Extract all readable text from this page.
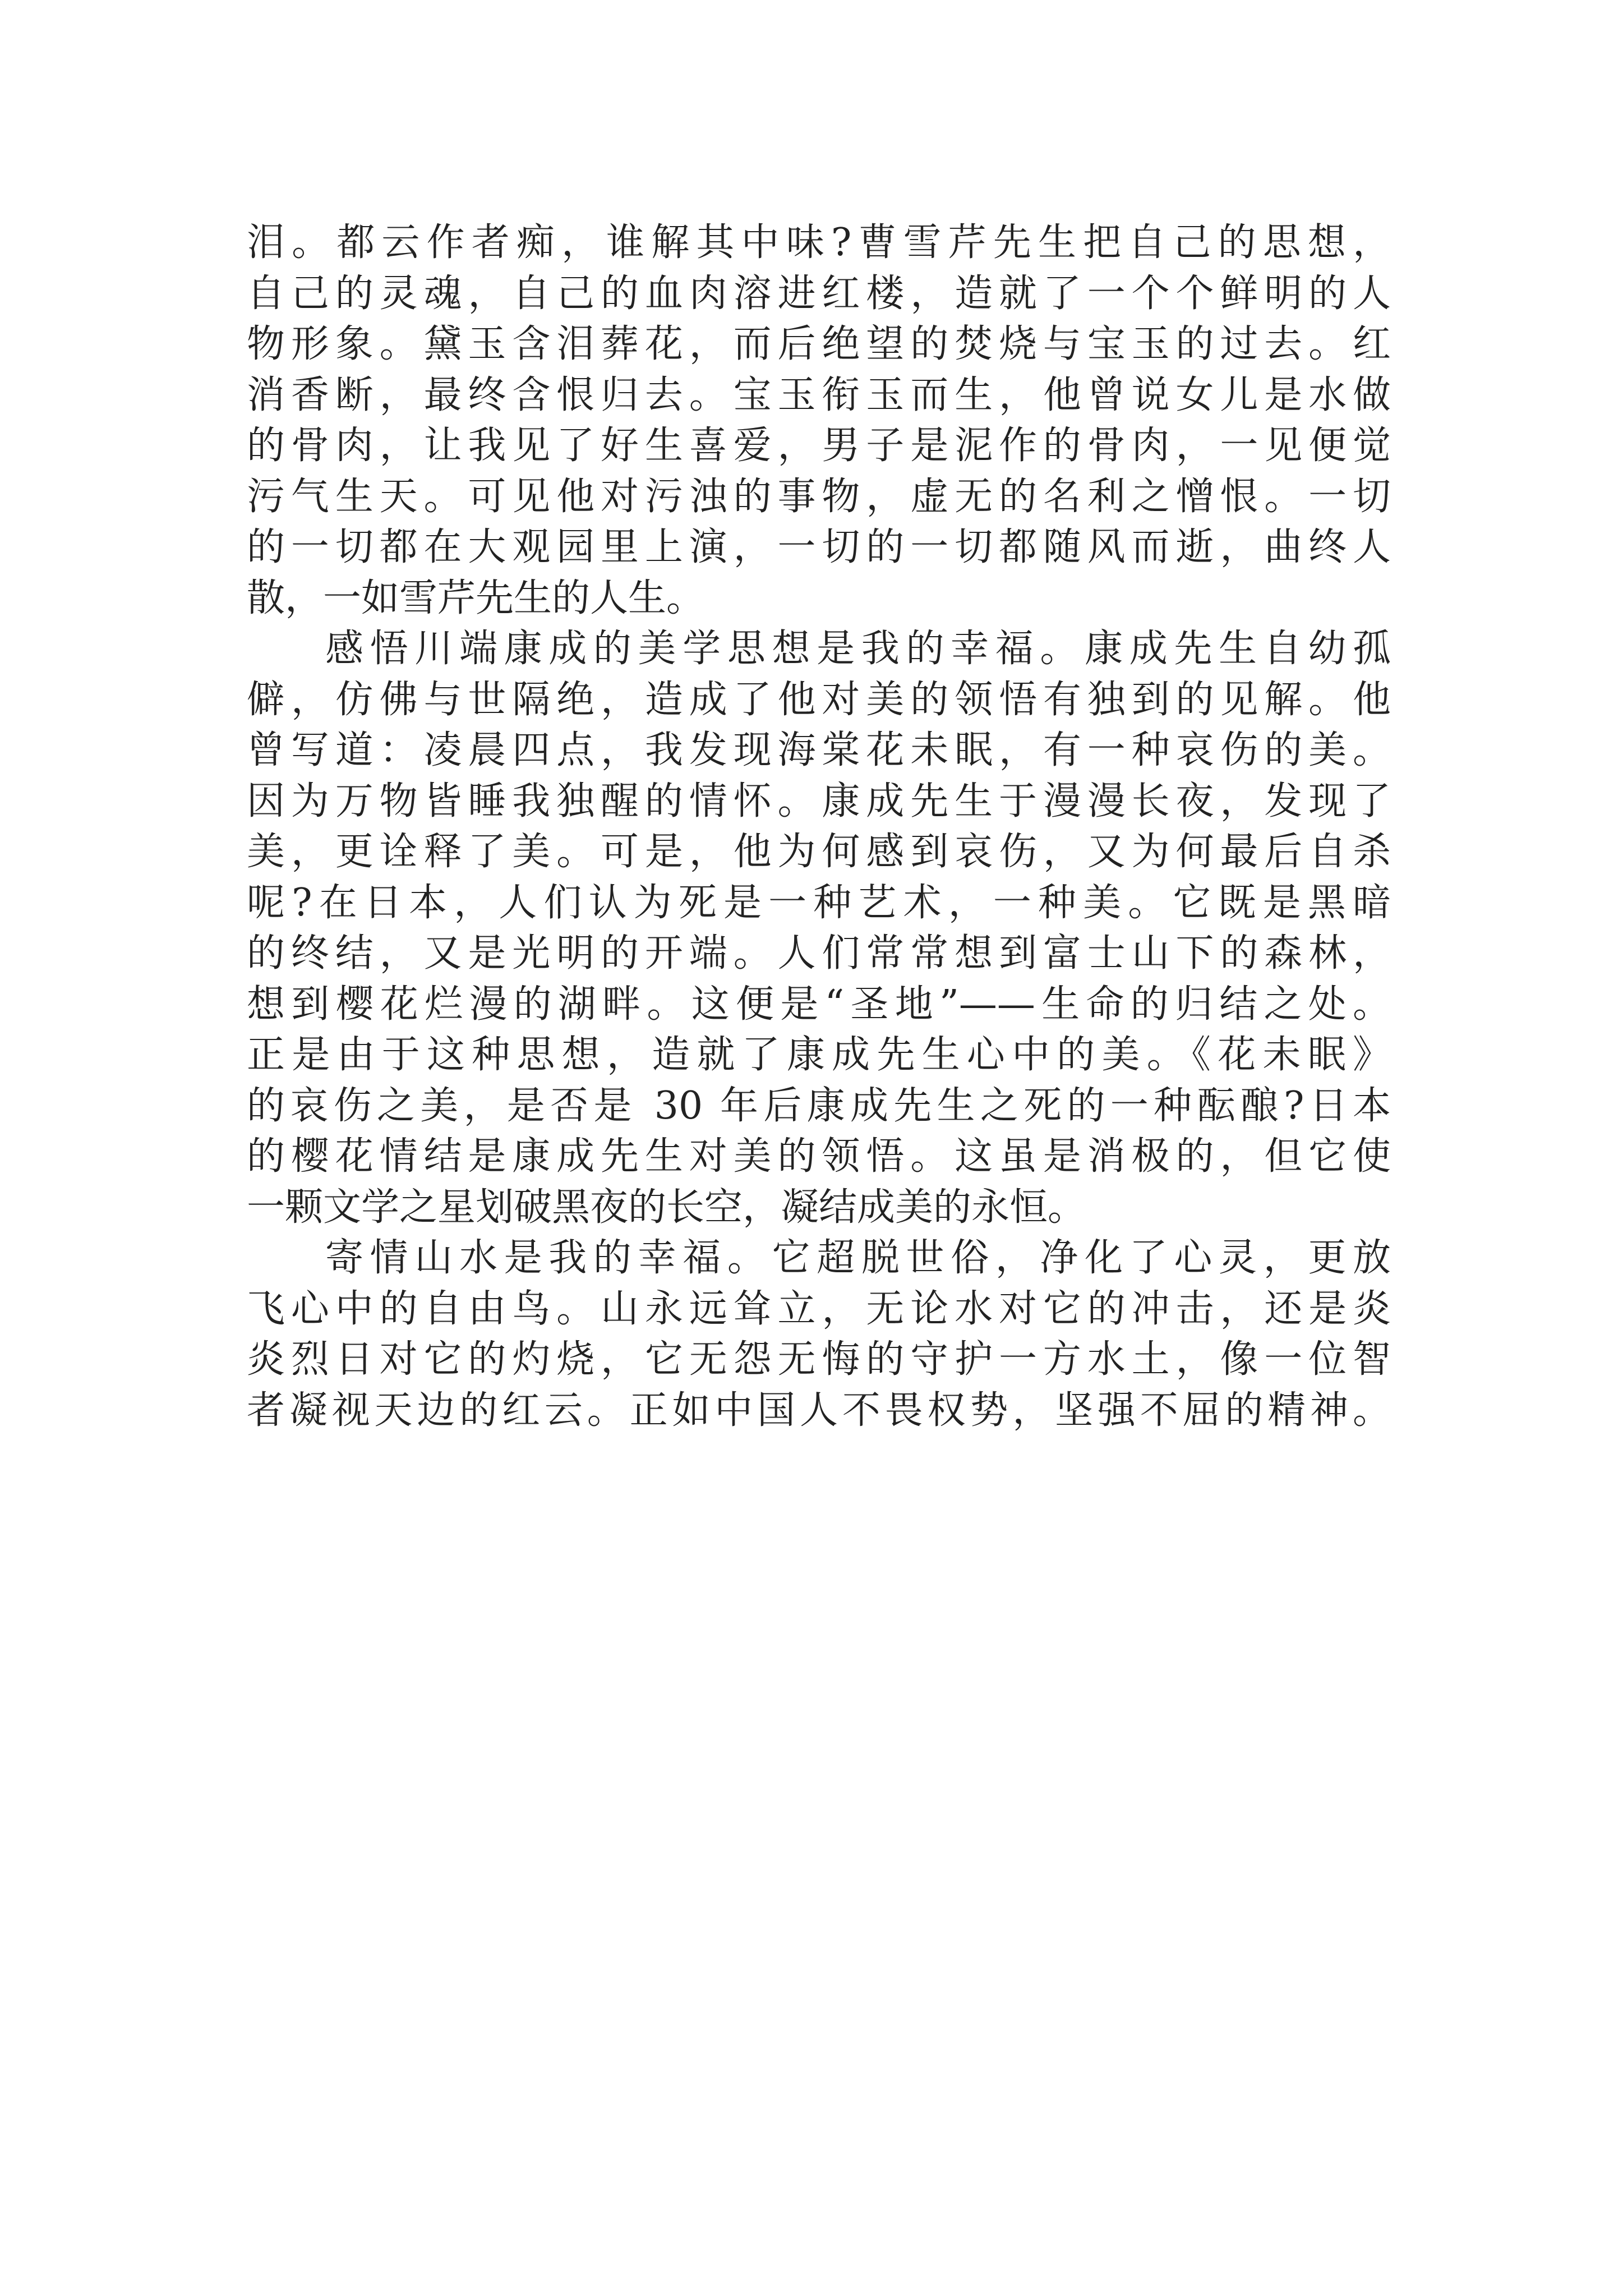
泪。都云作者痴，谁解其中味?曹雪芹先生把自己的思想，
自己的灵魂，自己的血肉溶进红楼，造就了一个个鲜明的人
物形象。黛玉含泪葬花，而后绝望的焚烧与宝玉的过去。红
消香断，最终含恨归去。宝玉衔玉而生，他曾说女儿是水做
的骨肉，让我见了好生喜爱，男子是泥作的骨肉，一见便觉
污气生天。可见他对污浊的事物，虚无的名利之憎恨。一切
的一切都在大观园里上演，一切的一切都随风而逝，曲终人
散，一如雪芹先生的人生。
感悟川端康成的美学思想是我的幸福。康成先生自幼孤
僻，仿佛与世隔绝，造成了他对美的领悟有独到的见解。他
曾写道：凌晨四点，我发现海棠花未眠，有一种哀伤的美。
因为万物皆睡我独醒的情怀。康成先生于漫漫长夜，发现了
美，更诠释了美。可是，他为何感到哀伤，又为何最后自杀
呢?在日本，人们认为死是一种艺术，一种美。它既是黑暗
的终结，又是光明的开端。人们常常想到富士山下的森林，
想到樱花烂漫的湖畔。这便是“圣地”——生命的归结之处。
正是由于这种思想，造就了康成先生心中的美。《花未眠》
的哀伤之美，是否是 30 年后康成先生之死的一种酝酿?日本
的樱花情结是康成先生对美的领悟。这虽是消极的，但它使
一颗文学之星划破黑夜的长空，凝结成美的永恒。
寄情山水是我的幸福。它超脱世俗，净化了心灵，更放
飞心中的自由鸟。山永远耸立，无论水对它的冲击，还是炎
炎烈日对它的灼烧，它无怨无悔的守护一方水土，像一位智
者凝视天边的红云。正如中国人不畏权势，坚强不屈的精神。
